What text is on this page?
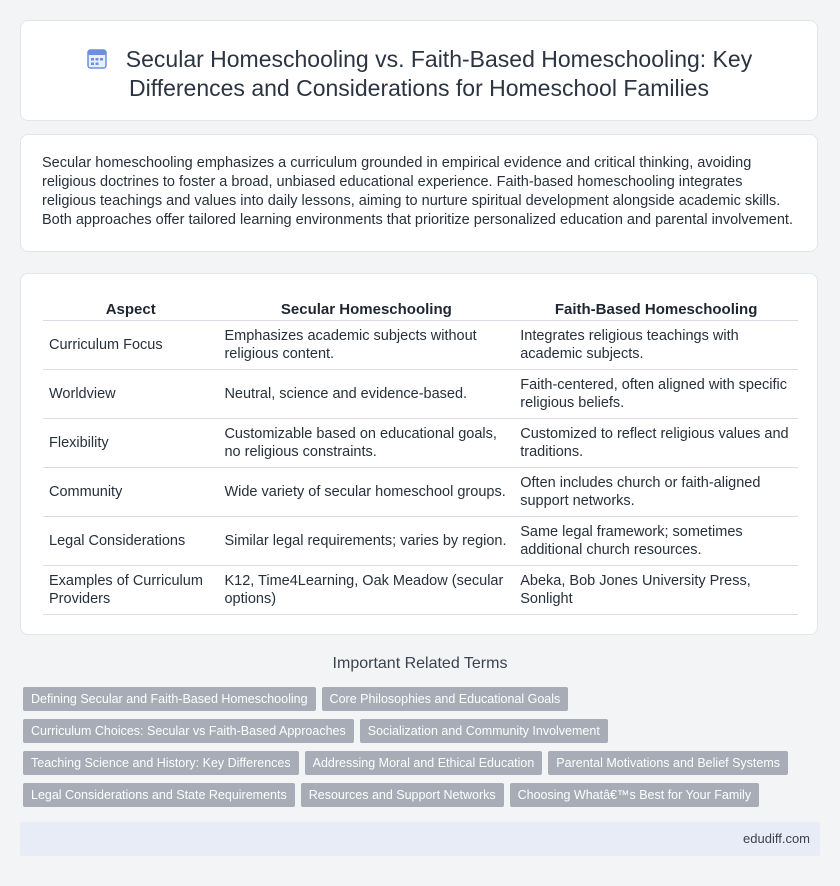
Secular Homeschooling vs. Faith-Based Homeschooling: Key Differences and Considerations for Homeschool Families
Secular homeschooling emphasizes a curriculum grounded in empirical evidence and critical thinking, avoiding religious doctrines to foster a broad, unbiased educational experience. Faith-based homeschooling integrates religious teachings and values into daily lessons, aiming to nurture spiritual development alongside academic skills. Both approaches offer tailored learning environments that prioritize personalized education and parental involvement.
Aspect	Secular Homeschooling	Faith-Based Homeschooling
Curriculum Focus	Emphasizes academic subjects without religious content.	Integrates religious teachings with academic subjects.
Worldview	Neutral, science and evidence-based.	Faith-centered, often aligned with specific religious beliefs.
Flexibility	Customizable based on educational goals, no religious constraints.	Customized to reflect religious values and traditions.
Community	Wide variety of secular homeschool groups.	Often includes church or faith-aligned support networks.
Legal Considerations	Similar legal requirements; varies by region.	Same legal framework; sometimes additional church resources.
Examples of Curriculum Providers	K12, Time4Learning, Oak Meadow (secular options)	Abeka, Bob Jones University Press, Sonlight
Important Related Terms
Defining Secular and Faith-Based Homeschooling Core Philosophies and Educational Goals
Curriculum Choices: Secular vs Faith-Based Approaches Socialization and Community Involvement
Teaching Science and History: Key Differences Addressing Moral and Ethical Education Parental Motivations and Belief Systems
Legal Considerations and State Requirements Resources and Support Networks Choosing Whatâ€™s Best for Your Family
edudiff.com
